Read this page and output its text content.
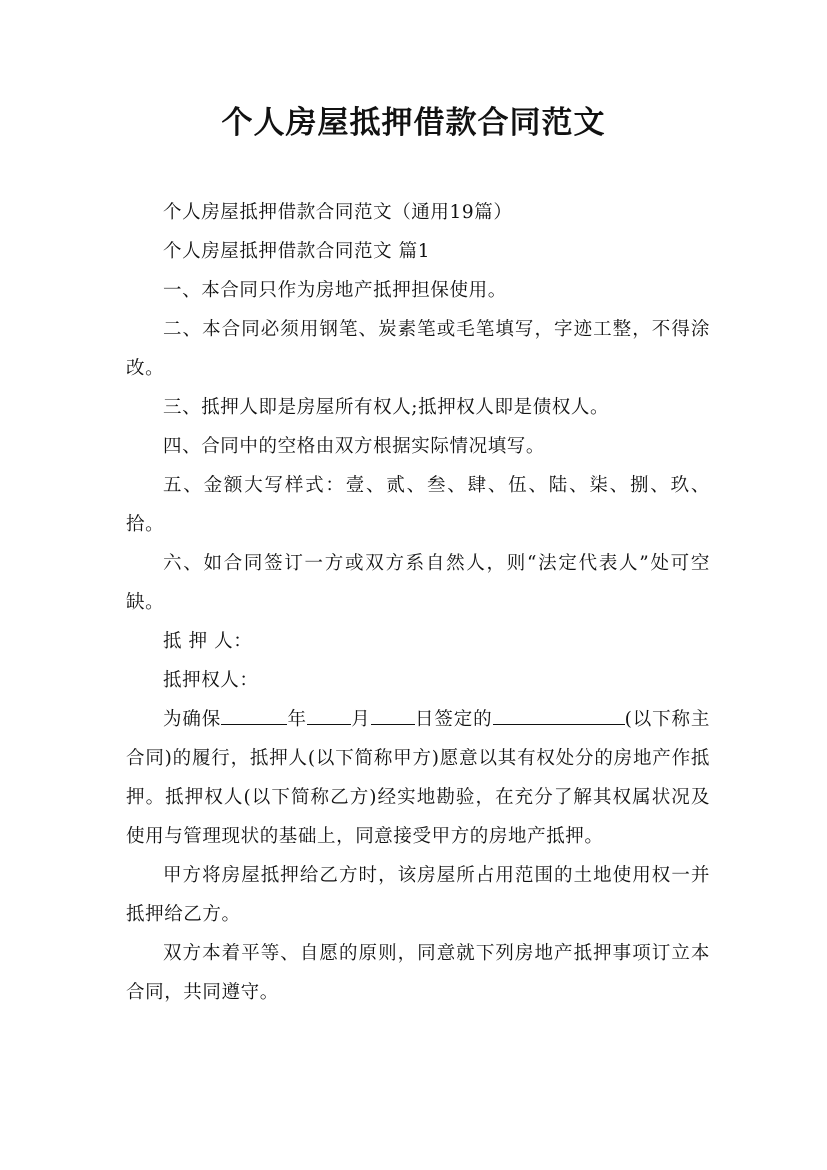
个人房屋抵押借款合同范文

个人房屋抵押借款合同范文（通用19篇）

个人房屋抵押借款合同范文 篇1

一、本合同只作为房地产抵押担保使用。

二、本合同必须用钢笔、炭素笔或毛笔填写，字迹工整，不得涂改。

三、抵押人即是房屋所有权人;抵押权人即是债权人。

四、合同中的空格由双方根据实际情况填写。

五、金额大写样式：壹、贰、叁、肆、伍、陆、柒、捌、玖、拾。

六、如合同签订一方或双方系自然人，则“法定代表人”处可空缺。

抵 押 人：

抵押权人：

为确保	年 月 日签定的	(以下称主合同)的履行，抵押人(以下简称甲方)愿意以其有权处分的房地产作抵押。抵押权人(以下简称乙方)经实地勘验，在充分了解其权属状况及使用与管理现状的基础上，同意接受甲方的房地产抵押。

甲方将房屋抵押给乙方时，该房屋所占用范围的土地使用权一并抵押给乙方。

双方本着平等、自愿的原则，同意就下列房地产抵押事项订立本合同，共同遵守。
